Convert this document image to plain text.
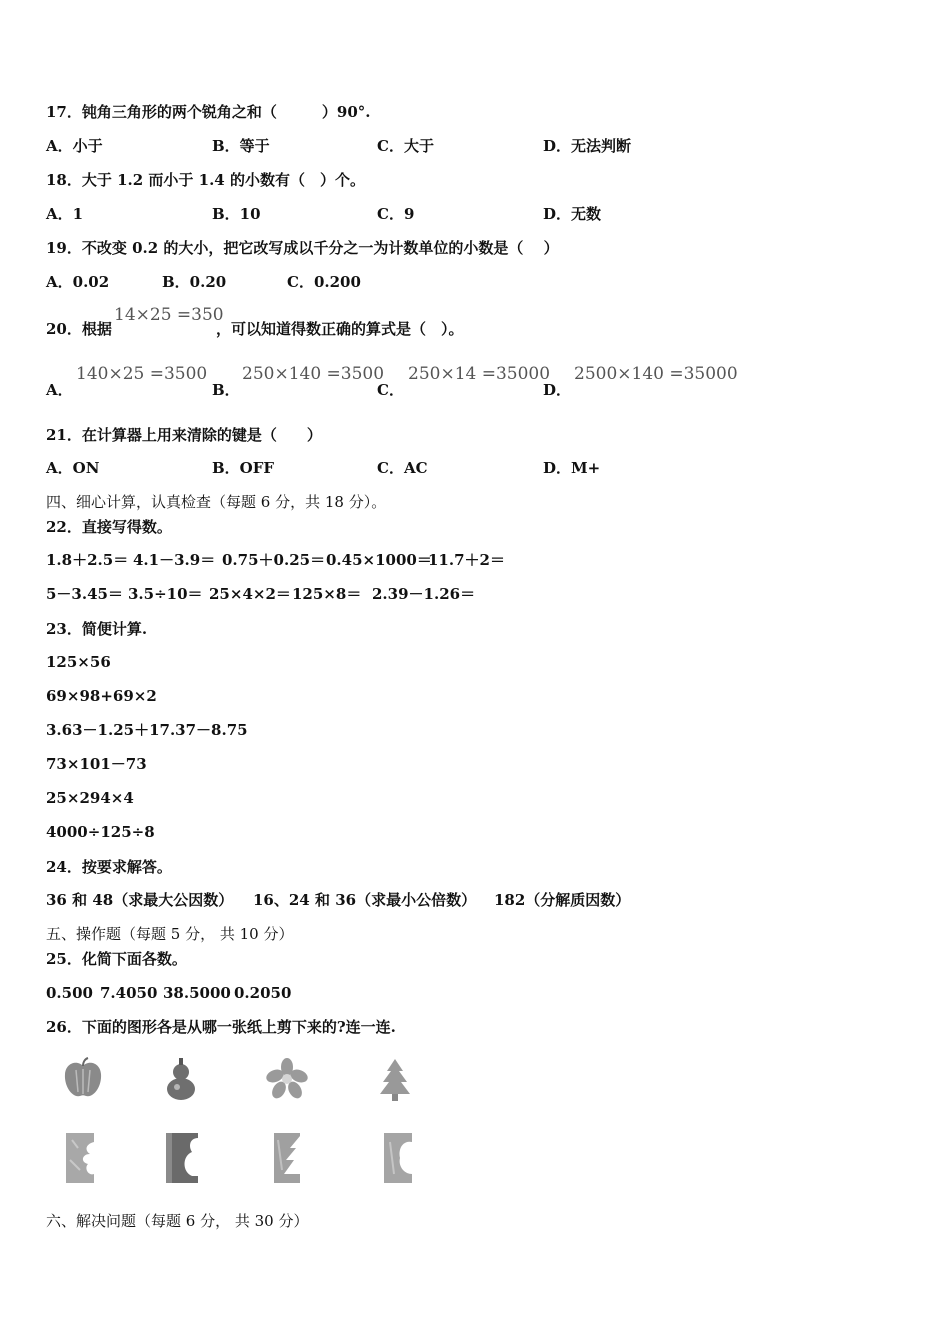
17．钝角三角形的两个锐角之和（　　　）90°.
A．小于	B．等于	C．大于	D．无法判断
18．大于 1.2 而小于 1.4 的小数有（　）个。
A．1	B．10	C．9	D．无数
19．不改变 0.2 的大小，把它改写成以千分之一为计数单位的小数是（　 ）
A．0.02	B．0.20	C．0.200
20．根据
14×25 =350
，可以知道得数正确的算式是（　）。
A．
140×25 =3500
B．
250×140 =3500
C．
250×14 =35000
D．
2500×140 =35000
21．在计算器上用来清除的键是（　　）
A．ON	B．OFF	C．AC	D．M+
四、细心计算，认真检查（每题 6 分，共 18 分）。
22．直接写得数。
1.8＋2.5＝ 4.1－3.9＝ 0.75＋0.25＝ 0.45×1000＝
11.7＋2＝
5－3.45＝ 3.5÷10＝ 25×4×2＝ 125×8＝ 2.39－1.26＝
23．简便计算.
125×56
69×98+69×2
3.63－1.25＋17.37－8.75
73×101－73
25×294×4
4000÷125÷8
24．按要求解答。
36 和 48（求最大公因数） 16、24 和 36（求最小公倍数） 182（分解质因数）
五、操作题（每题 5 分， 共 10 分）
25．化简下面各数。
0.500 7.4050 38.5000 0.2050
26．下面的图形各是从哪一张纸上剪下来的?连一连.
六、解决问题（每题 6 分， 共 30 分）
